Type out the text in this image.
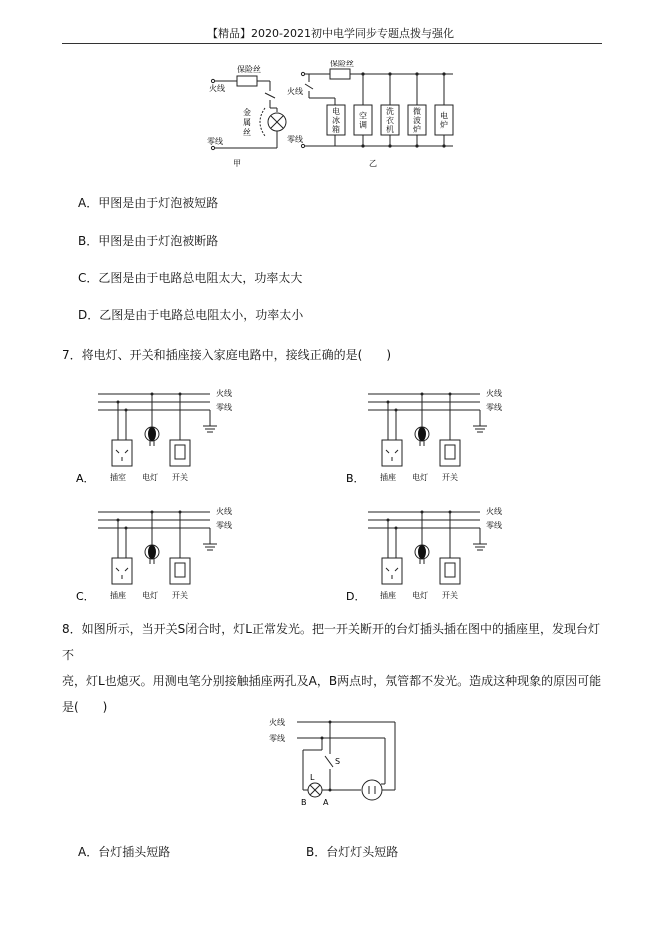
【精品】2020-2021初中电学同步专题点拨与强化
保险丝
火线
零线
金
属
丝
甲
保险丝
火线
零线
乙
电
冰
箱
空
调
洗
衣
机
微
波
炉
电
炉
A．甲图是由于灯泡被短路
B．甲图是由于灯泡被断路
C．乙图是由于电路总电阻太大，功率太大
D．乙图是由于电路总电阻太小，功率太小
7．将电灯、开关和插座接入家庭电路中，接线正确的是(　　)
火线
零线
插室 电灯 开关
A．
火线
零线
插座 电灯 开关
B．
火线
零线
插座 电灯 开关
C．
火线
零线
插座 电灯 开关
D．
8．如图所示，当开关S闭合时，灯L正常发光。把一开关断开的台灯插头插在图中的插座里，发现台灯不
亮，灯L也熄灭。用测电笔分别接触插座两孔及A，B两点时，氖管都不发光。造成这种现象的原因可能
是(　　)
火线
零线
L
S
B A
A．台灯插头短路	B．台灯灯头短路
